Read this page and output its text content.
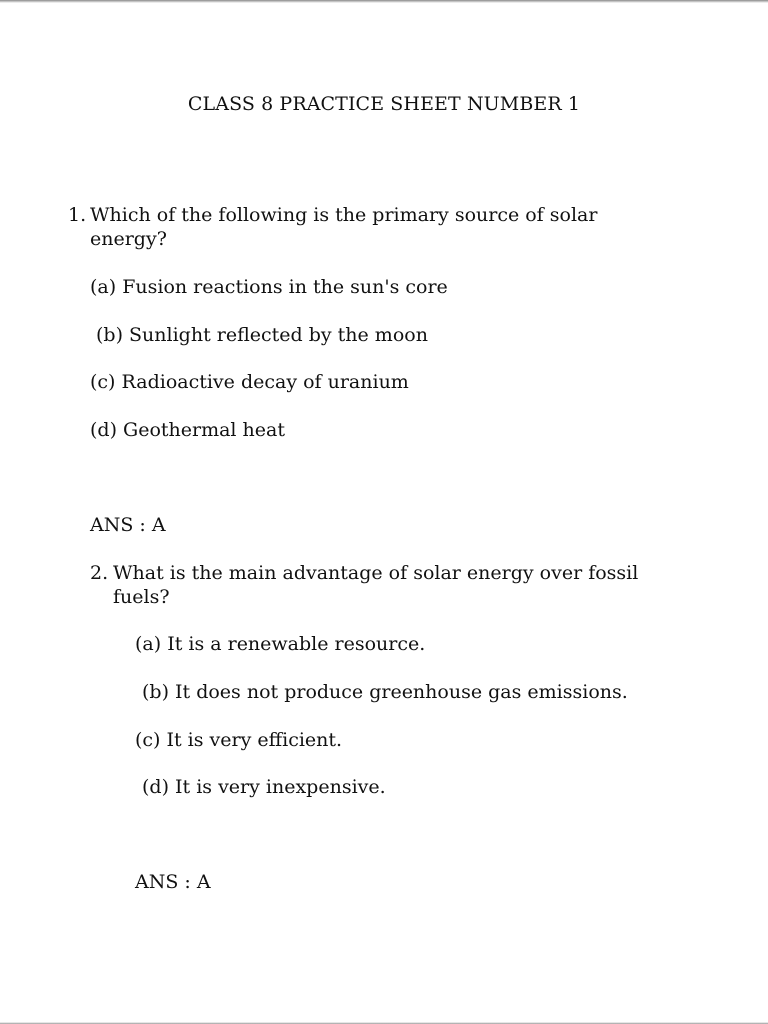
CLASS 8 PRACTICE SHEET NUMBER 1
1. Which of the following is the primary source of solar energy?
(a) Fusion reactions in the sun's core
(b) Sunlight reflected by the moon
(c) Radioactive decay of uranium
(d) Geothermal heat
ANS : A
2. What is the main advantage of solar energy over fossil fuels?
(a) It is a renewable resource.
(b) It does not produce greenhouse gas emissions.
(c) It is very efficient.
(d) It is very inexpensive.
ANS : A
